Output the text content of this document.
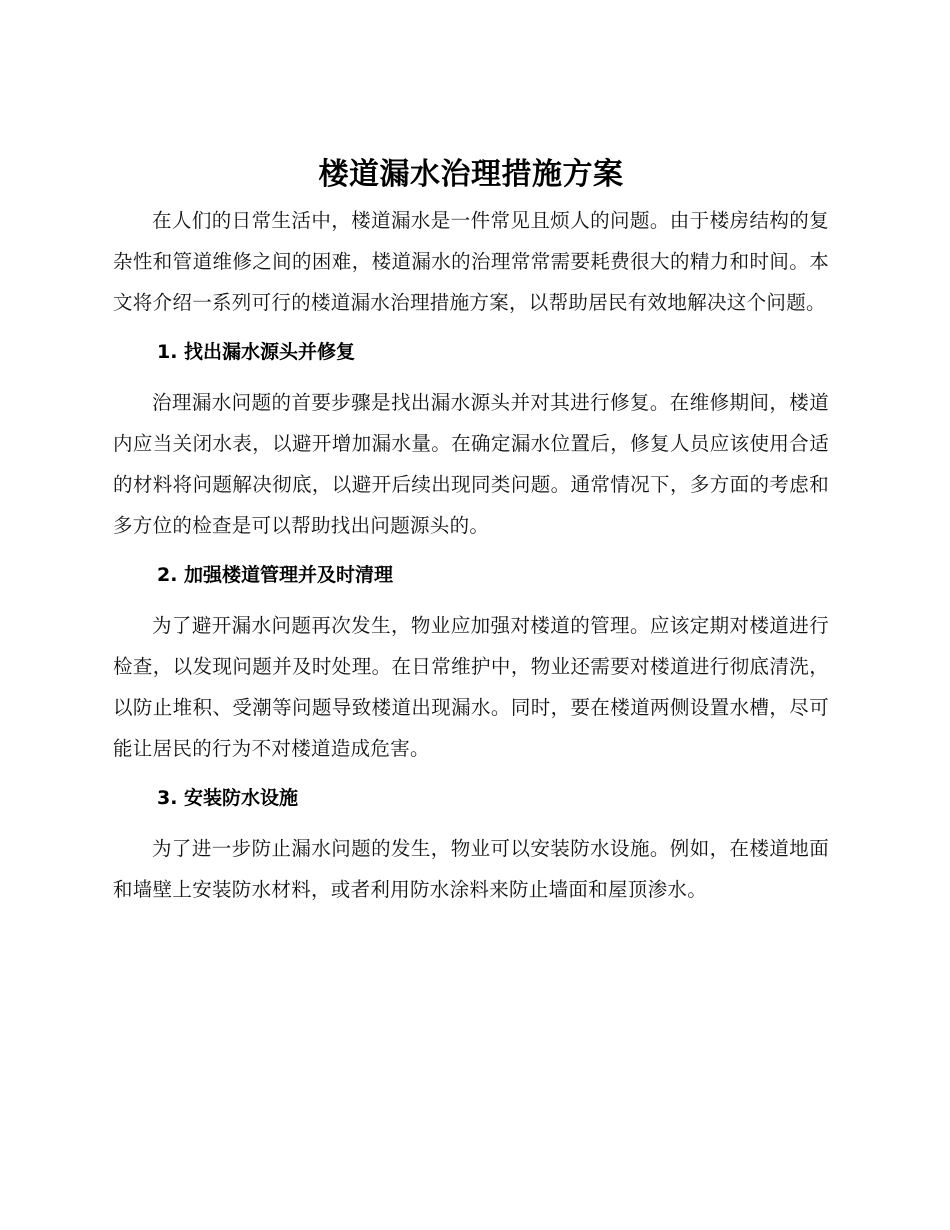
楼道漏水治理措施方案

在人们的日常生活中，楼道漏水是一件常见且烦人的问题。由于楼房结构的复杂性和管道维修之间的困难，楼道漏水的治理常常需要耗费很大的精力和时间。本文将介绍一系列可行的楼道漏水治理措施方案，以帮助居民有效地解决这个问题。

1. 找出漏水源头并修复

治理漏水问题的首要步骤是找出漏水源头并对其进行修复。在维修期间，楼道内应当关闭水表，以避开增加漏水量。在确定漏水位置后，修复人员应该使用合适的材料将问题解决彻底，以避开后续出现同类问题。通常情况下，多方面的考虑和多方位的检查是可以帮助找出问题源头的。

2. 加强楼道管理并及时清理

为了避开漏水问题再次发生，物业应加强对楼道的管理。应该定期对楼道进行检查，以发现问题并及时处理。在日常维护中，物业还需要对楼道进行彻底清洗，以防止堆积、受潮等问题导致楼道出现漏水。同时，要在楼道两侧设置水槽，尽可能让居民的行为不对楼道造成危害。

3. 安装防水设施

为了进一步防止漏水问题的发生，物业可以安装防水设施。例如，在楼道地面和墙壁上安装防水材料，或者利用防水涂料来防止墙面和屋顶渗水。
